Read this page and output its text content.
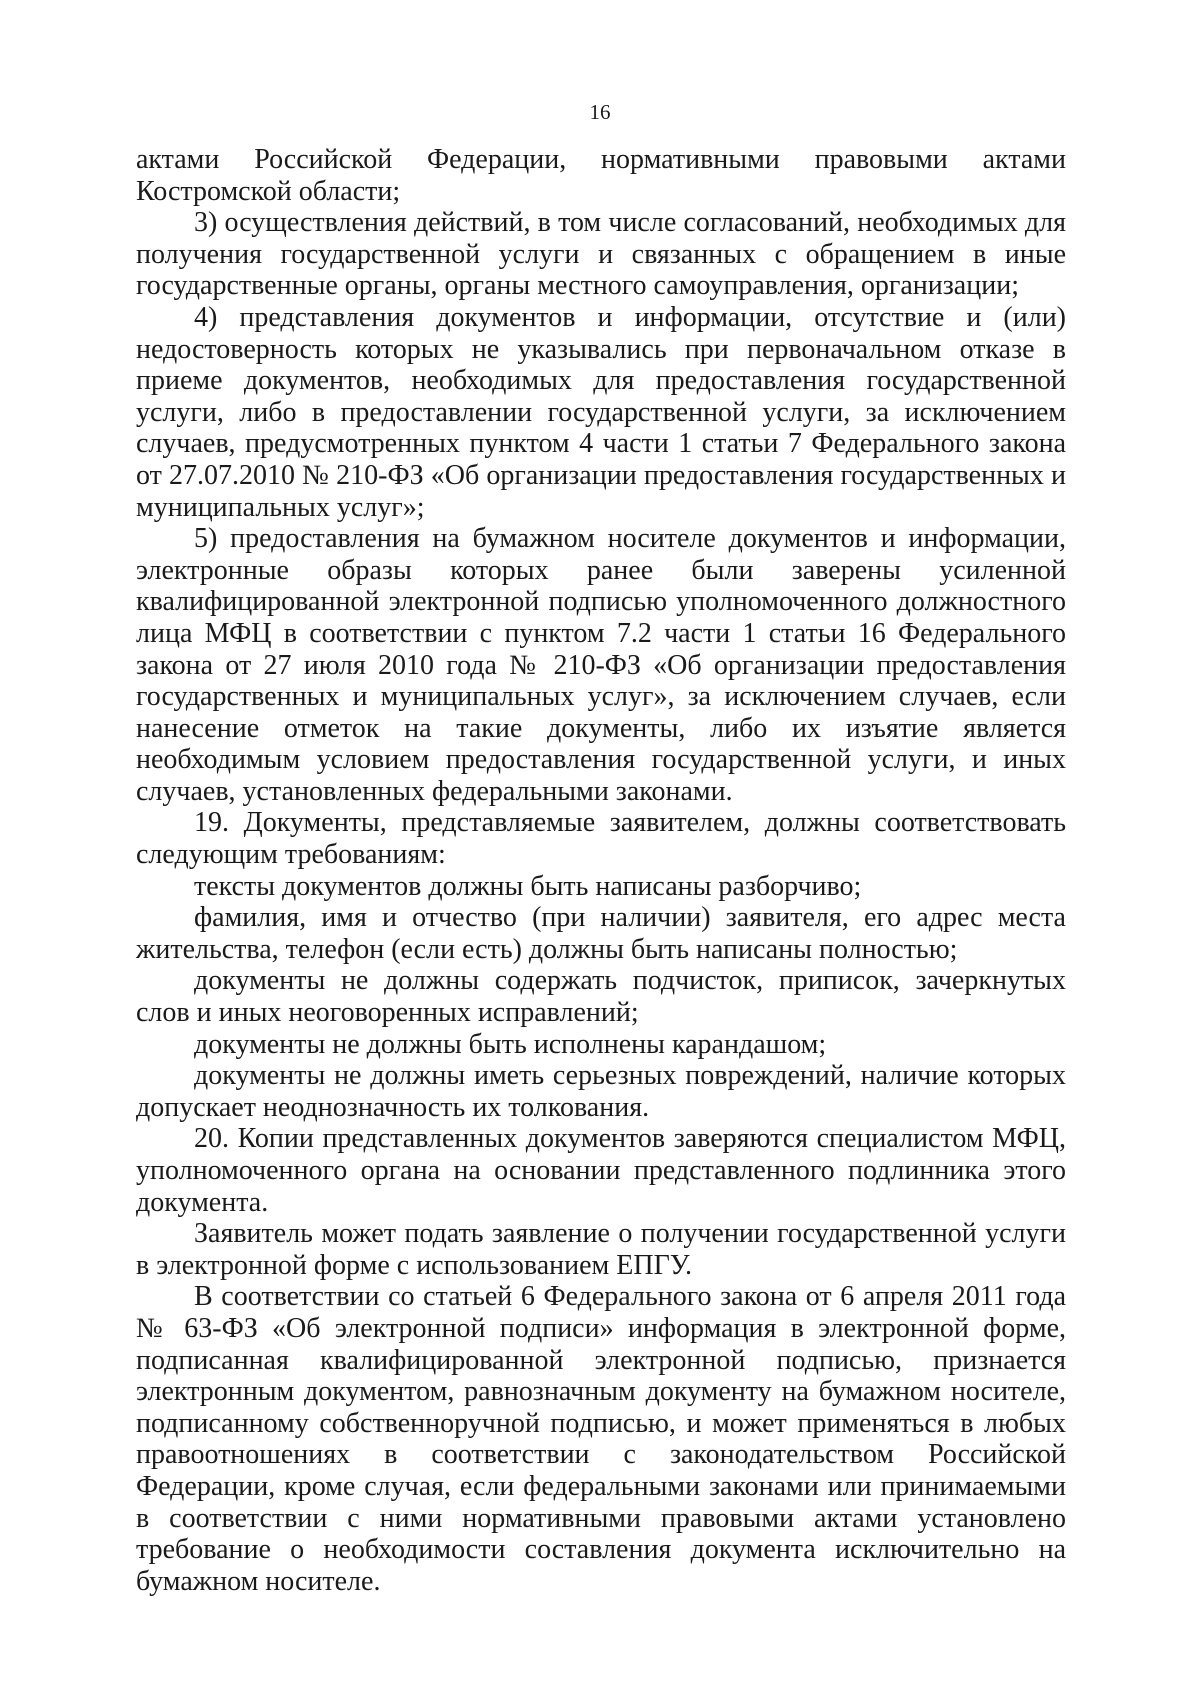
16

актами Российской Федерации, нормативными правовыми актами Костромской области;

3) осуществления действий, в том числе согласований, необходимых для получения государственной услуги и связанных с обращением в иные государственные органы, органы местного самоуправления, организации;

4) представления документов и информации, отсутствие и (или) недостоверность которых не указывались при первоначальном отказе в приеме документов, необходимых для предоставления государственной услуги, либо в предоставлении государственной услуги, за исключением случаев, предусмотренных пунктом 4 части 1 статьи 7 Федерального закона от 27.07.2010 № 210-ФЗ «Об организации предоставления государственных и муниципальных услуг»;

5) предоставления на бумажном носителе документов и информации, электронные образы которых ранее были заверены усиленной квалифицированной электронной подписью уполномоченного должностного лица МФЦ в соответствии с пунктом 7.2 части 1 статьи 16 Федерального закона от 27 июля 2010 года № 210-ФЗ «Об организации предоставления государственных и муниципальных услуг», за исключением случаев, если нанесение отметок на такие документы, либо их изъятие является необходимым условием предоставления государственной услуги, и иных случаев, установленных федеральными законами.

19. Документы, представляемые заявителем, должны соответствовать следующим требованиям:

тексты документов должны быть написаны разборчиво;

фамилия, имя и отчество (при наличии) заявителя, его адрес места жительства, телефон (если есть) должны быть написаны полностью;

документы не должны содержать подчисток, приписок, зачеркнутых слов и иных неоговоренных исправлений;

документы не должны быть исполнены карандашом;

документы не должны иметь серьезных повреждений, наличие которых допускает неоднозначность их толкования.

20. Копии представленных документов заверяются специалистом МФЦ, уполномоченного органа на основании представленного подлинника этого документа.

Заявитель может подать заявление о получении государственной услуги в электронной форме с использованием ЕПГУ.

В соответствии со статьей 6 Федерального закона от 6 апреля 2011 года № 63-ФЗ «Об электронной подписи» информация в электронной форме, подписанная квалифицированной электронной подписью, признается электронным документом, равнозначным документу на бумажном носителе, подписанному собственноручной подписью, и может применяться в любых правоотношениях в соответствии с законодательством Российской Федерации, кроме случая, если федеральными законами или принимаемыми в соответствии с ними нормативными правовыми актами установлено требование о необходимости составления документа исключительно на бумажном носителе.
